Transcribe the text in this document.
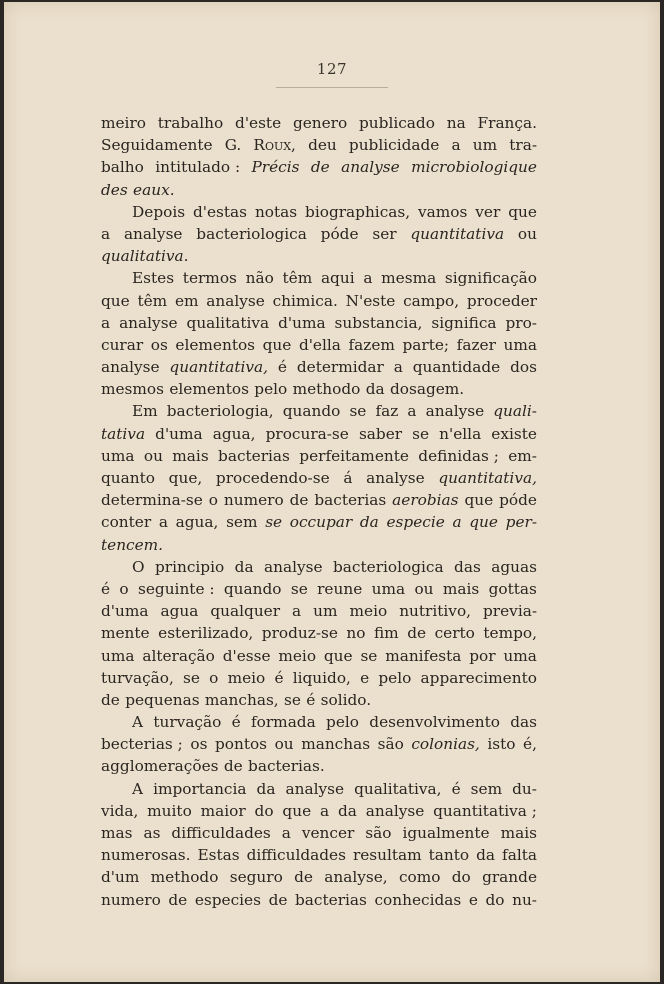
127
meiro trabalho d'este genero publicado na França.
Seguidamente G. Roux, deu publicidade a um tra-
balho intitulado : Précis de analyse microbiologique
des eaux.
Depois d'estas notas biographicas, vamos ver que
a analyse bacteriologica póde ser quantitativa ou
qualitativa.
Estes termos não têm aqui a mesma significação
que têm em analyse chimica. N'este campo, proceder
a analyse qualitativa d'uma substancia, significa pro-
curar os elementos que d'ella fazem parte; fazer uma
analyse quantitativa, é determidar a quantidade dos
mesmos elementos pelo methodo da dosagem.
Em bacteriologia, quando se faz a analyse quali-
tativa d'uma agua, procura-se saber se n'ella existe
uma ou mais bacterias perfeitamente definidas ; em-
quanto que, procedendo-se á analyse quantitativa,
determina-se o numero de bacterias aerobias que póde
conter a agua, sem se occupar da especie a que per-
tencem.
O principio da analyse bacteriologica das aguas
é o seguinte : quando se reune uma ou mais gottas
d'uma agua qualquer a um meio nutritivo, previa-
mente esterilizado, produz-se no fim de certo tempo,
uma alteração d'esse meio que se manifesta por uma
turvação, se o meio é liquido, e pelo apparecimento
de pequenas manchas, se é solido.
A turvação é formada pelo desenvolvimento das
becterias ; os pontos ou manchas são colonias, isto é,
agglomerações de bacterias.
A importancia da analyse qualitativa, é sem du-
vida, muito maior do que a da analyse quantitativa ;
mas as difficuldades a vencer são igualmente mais
numerosas. Estas difficuldades resultam tanto da falta
d'um methodo seguro de analyse, como do grande
numero de especies de bacterias conhecidas e do nu-
